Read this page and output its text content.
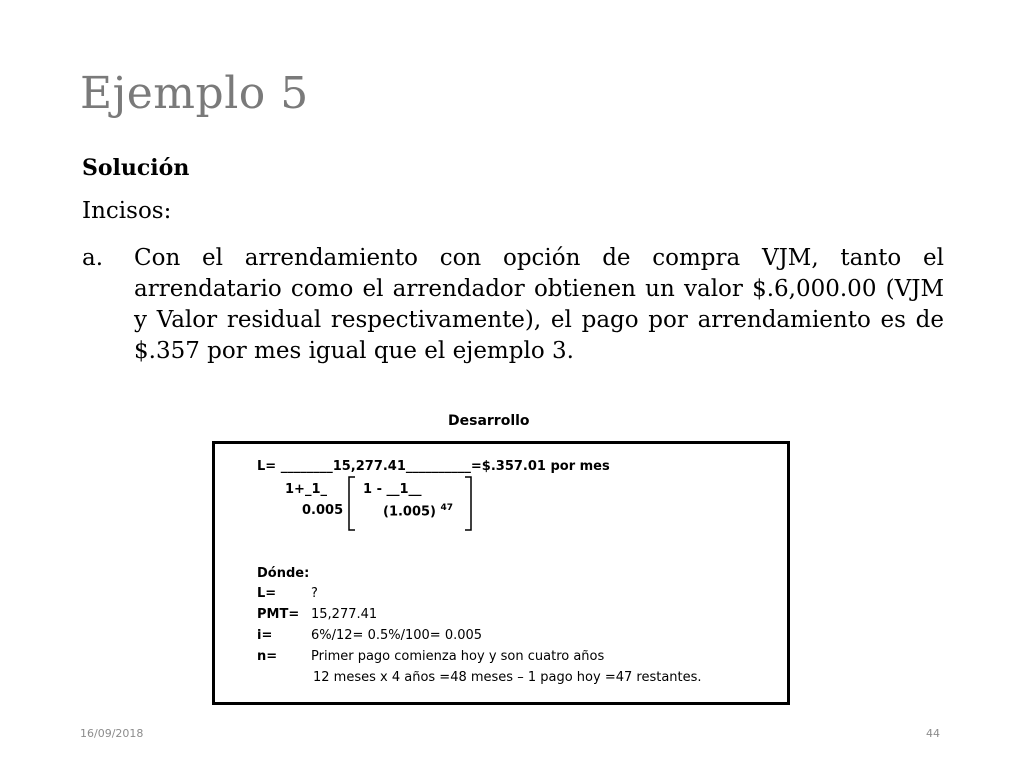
Ejemplo 5
Solución
Incisos:
a. Con el arrendamiento con opción de compra VJM, tanto el arrendatario como el arrendador obtienen un valor $.6,000.00 (VJM y Valor residual respectivamente), el pago por arrendamiento es de $.357 por mes igual que el ejemplo 3.
Desarrollo
L= ________15,277.41__________=$.357.01 por mes
1+_1_
0.005
1 - __1__
(1.005) $^{47}$
Dónde:
L=	?
PMT= 15,277.41
i=	6%/12= 0.5%/100= 0.005
n=	Primer pago comienza hoy y son cuatro años
12 meses x 4 años =48 meses – 1 pago hoy =47 restantes.
16/09/2018	44
